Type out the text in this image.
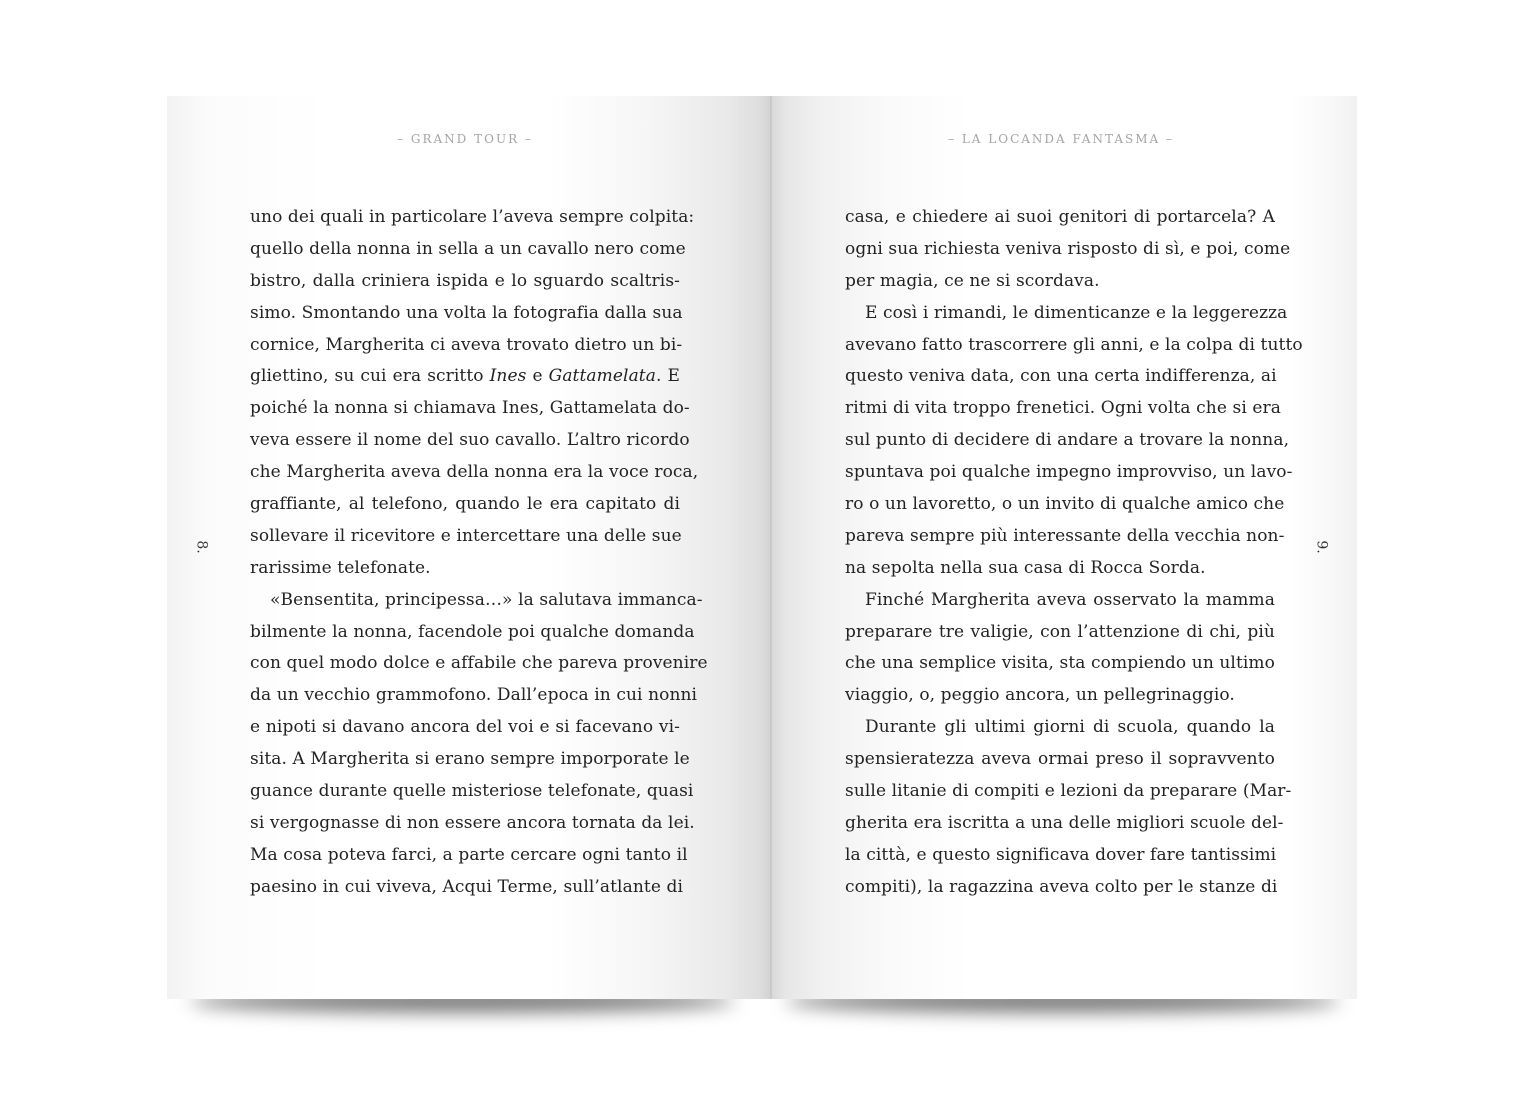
– GRAND TOUR –
8.
uno dei quali in particolare l’aveva sempre colpita:
quello della nonna in sella a un cavallo nero come
bistro, dalla criniera ispida e lo sguardo scaltris-
simo. Smontando una volta la fotografia dalla sua
cornice, Margherita ci aveva trovato dietro un bi-
gliettino, su cui era scritto Ines e Gattamelata. E
poiché la nonna si chiamava Ines, Gattamelata do-
veva essere il nome del suo cavallo. L’altro ricordo
che Margherita aveva della nonna era la voce roca,
graffiante, al telefono, quando le era capitato di
sollevare il ricevitore e intercettare una delle sue
rarissime telefonate.
«Bensentita, principessa…» la salutava immanca-
bilmente la nonna, facendole poi qualche domanda
con quel modo dolce e affabile che pareva provenire
da un vecchio grammofono. Dall’epoca in cui nonni
e nipoti si davano ancora del voi e si facevano vi-
sita. A Margherita si erano sempre imporporate le
guance durante quelle misteriose telefonate, quasi
si vergognasse di non essere ancora tornata da lei.
Ma cosa poteva farci, a parte cercare ogni tanto il
paesino in cui viveva, Acqui Terme, sull’atlante di
– LA LOCANDA FANTASMA –
9.
casa, e chiedere ai suoi genitori di portarcela? A
ogni sua richiesta veniva risposto di sì, e poi, come
per magia, ce ne si scordava.
E così i rimandi, le dimenticanze e la leggerezza
avevano fatto trascorrere gli anni, e la colpa di tutto
questo veniva data, con una certa indifferenza, ai
ritmi di vita troppo frenetici. Ogni volta che si era
sul punto di decidere di andare a trovare la nonna,
spuntava poi qualche impegno improvviso, un lavo-
ro o un lavoretto, o un invito di qualche amico che
pareva sempre più interessante della vecchia non-
na sepolta nella sua casa di Rocca Sorda.
Finché Margherita aveva osservato la mamma
preparare tre valigie, con l’attenzione di chi, più
che una semplice visita, sta compiendo un ultimo
viaggio, o, peggio ancora, un pellegrinaggio.
Durante gli ultimi giorni di scuola, quando la
spensieratezza aveva ormai preso il sopravvento
sulle litanie di compiti e lezioni da preparare (Mar-
gherita era iscritta a una delle migliori scuole del-
la città, e questo significava dover fare tantissimi
compiti), la ragazzina aveva colto per le stanze di
